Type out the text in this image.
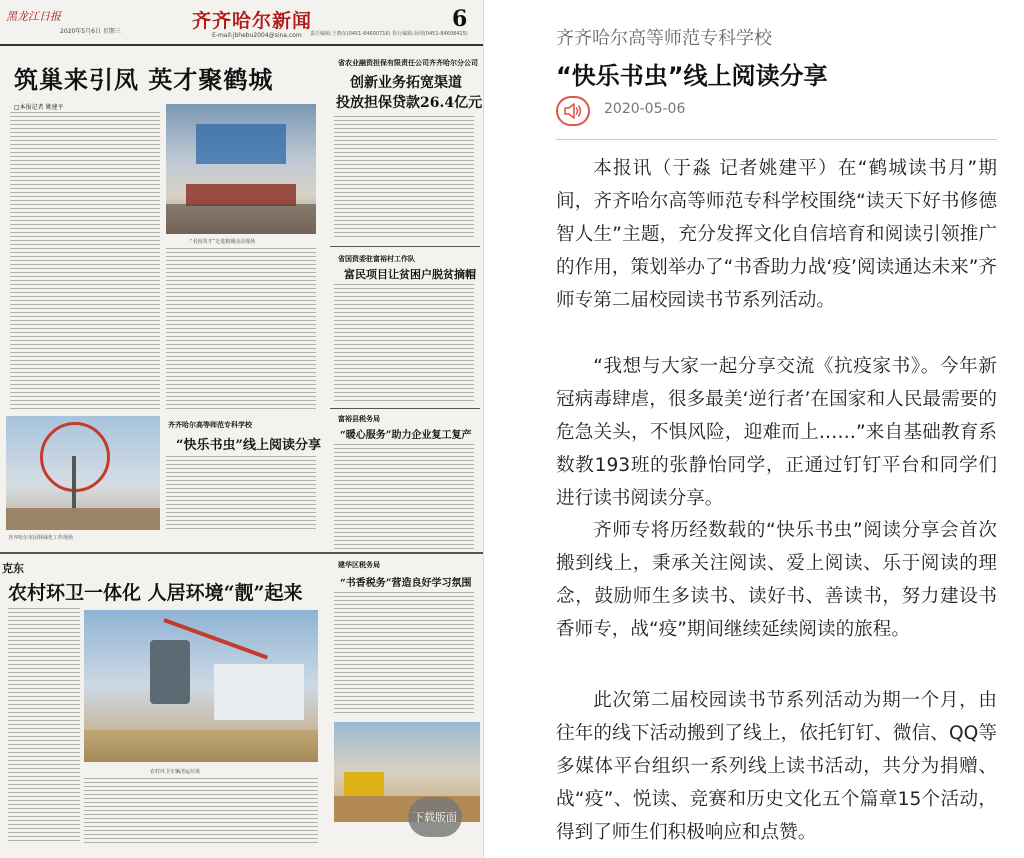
黑龙江日报
2020年5月6日 星期三	齐齐哈尔新闻
E-mail:jbhebu2004@sina.com 责任编辑:王晓东(0451-84600716) 执行编辑:孙靖(0451-84608415)
6
筑巢来引凤 英才聚鹤城
□本报记者 姚建平
“名校英才”走进鹤城活动现场
省农业融资担保有限责任公司齐齐哈尔分公司
创新业务拓宽渠道
投放担保贷款26.4亿元
省国资委驻富裕村工作队
富民项目让贫困户脱贫摘帽
齐齐哈尔高等师范专科学校
“快乐书虫”线上阅读分享
齐齐哈尔市园林绿化工作现场
富裕县税务局
“暖心服务”助力企业复工复产
克东
农村环卫一体化 人居环境“靓”起来
农村环卫车辆清运垃圾
建华区税务局
“书香税务”营造良好学习氛围
下载版面
齐齐哈尔高等师范专科学校
“快乐书虫”线上阅读分享
2020-05-06

本报讯（于淼 记者姚建平）在“鹤城读书月”期间，齐齐哈尔高等师范专科学校围绕“读天下好书修德智人生”主题，充分发挥文化自信培育和阅读引领推广的作用，策划举办了“书香助力战‘疫’阅读通达未来”齐师专第二届校园读书节系列活动。

“我想与大家一起分享交流《抗疫家书》。今年新冠病毒肆虐，很多最美‘逆行者’在国家和人民最需要的危急关头，不惧风险，迎难而上……”来自基础教育系数教193班的张静怡同学，正通过钉钉平台和同学们进行读书阅读分享。

齐师专将历经数载的“快乐书虫”阅读分享会首次搬到线上，秉承关注阅读、爱上阅读、乐于阅读的理念，鼓励师生多读书、读好书、善读书，努力建设书香师专，战“疫”期间继续延续阅读的旅程。

此次第二届校园读书节系列活动为期一个月，由往年的线下活动搬到了线上，依托钉钉、微信、QQ等多媒体平台组织一系列线上读书活动，共分为捐赠、战“疫”、悦读、竞赛和历史文化五个篇章15个活动，得到了师生们积极响应和点赞。
